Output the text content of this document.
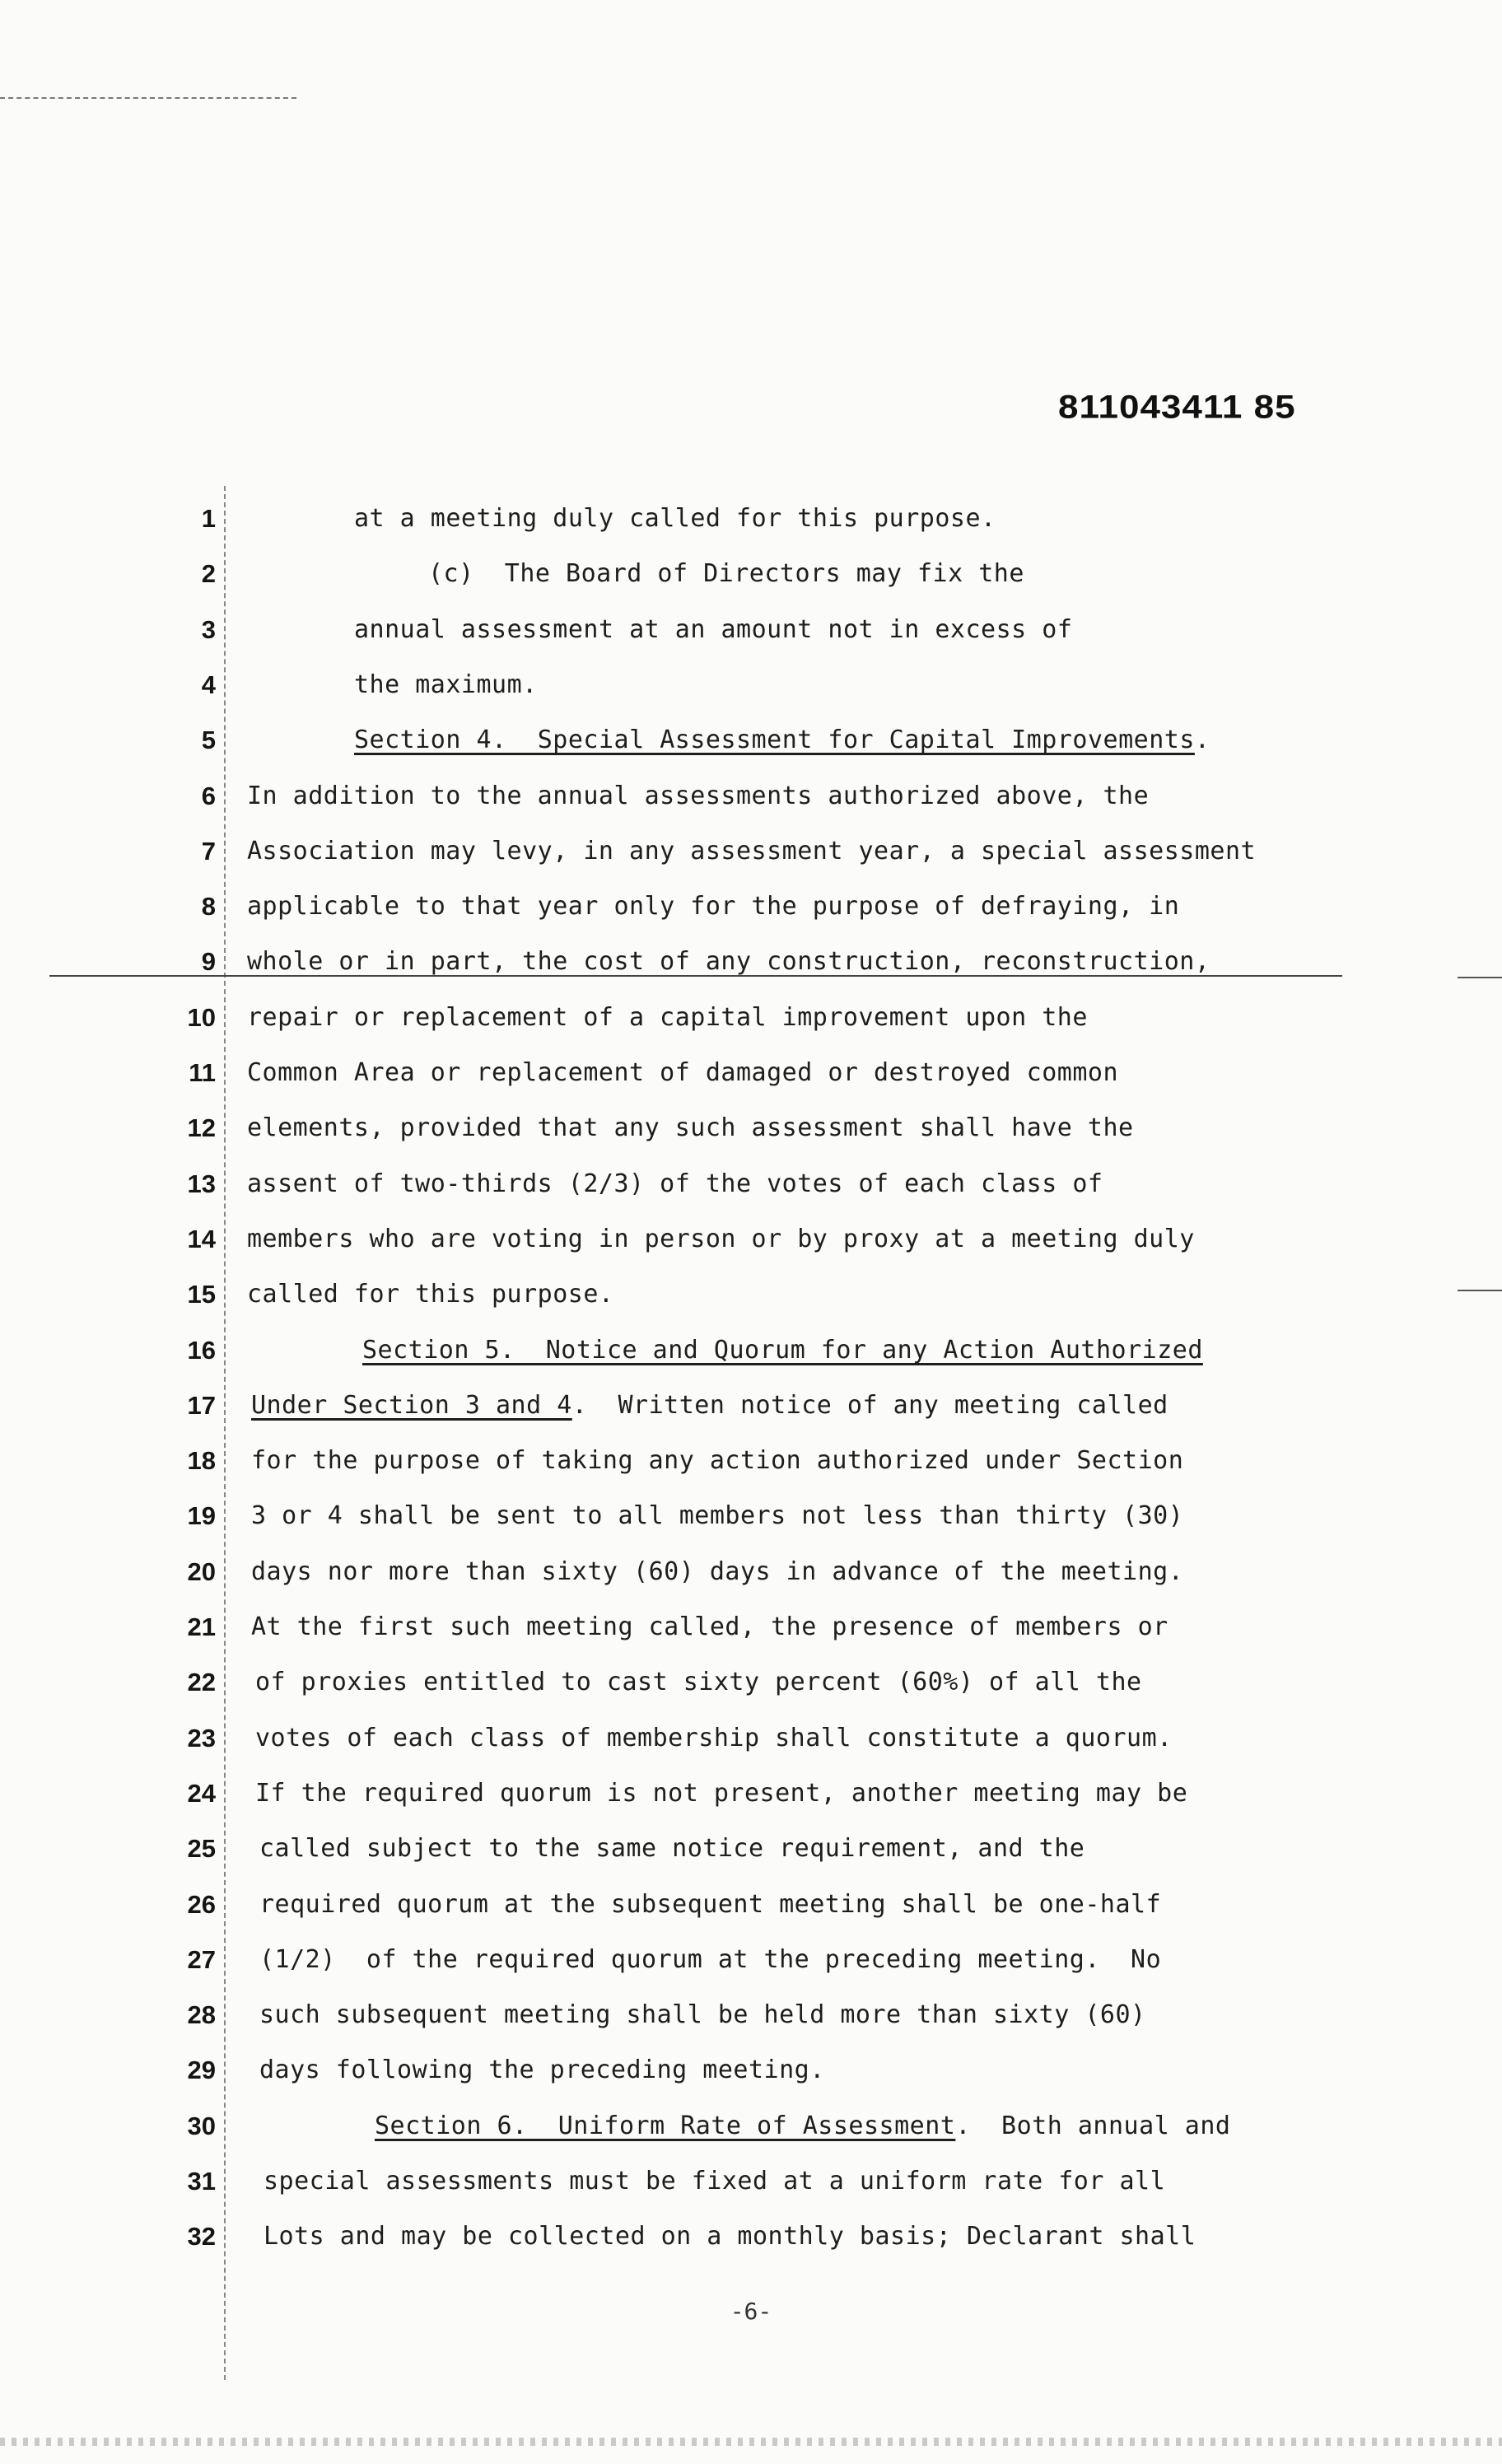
811043411 85
1	at a meeting duly called for this purpose.
2	(c)  The Board of Directors may fix the
3	annual assessment at an amount not in excess of
4	the maximum.
5	Section 4.  Special Assessment for Capital Improvements.
6 In addition to the annual assessments authorized above, the
7 Association may levy, in any assessment year, a special assessment
8 applicable to that year only for the purpose of defraying, in
9 whole or in part, the cost of any construction, reconstruction,
10 repair or replacement of a capital improvement upon the
11 Common Area or replacement of damaged or destroyed common
12 elements, provided that any such assessment shall have the
13 assent of two-thirds (2/3) of the votes of each class of
14 members who are voting in person or by proxy at a meeting duly
15 called for this purpose.
16	Section 5.  Notice and Quorum for any Action Authorized
17 Under Section 3 and 4.  Written notice of any meeting called
18 for the purpose of taking any action authorized under Section
19 3 or 4 shall be sent to all members not less than thirty (30)
20 days nor more than sixty (60) days in advance of the meeting.
21 At the first such meeting called, the presence of members or
22 of proxies entitled to cast sixty percent (60%) of all the
23 votes of each class of membership shall constitute a quorum.
24 If the required quorum is not present, another meeting may be
25 called subject to the same notice requirement, and the
26 required quorum at the subsequent meeting shall be one-half
27 (1/2)  of the required quorum at the preceding meeting.  No
28 such subsequent meeting shall be held more than sixty (60)
29 days following the preceding meeting.
30	Section 6.  Uniform Rate of Assessment.  Both annual and
31 special assessments must be fixed at a uniform rate for all
32 Lots and may be collected on a monthly basis; Declarant shall
-6-
